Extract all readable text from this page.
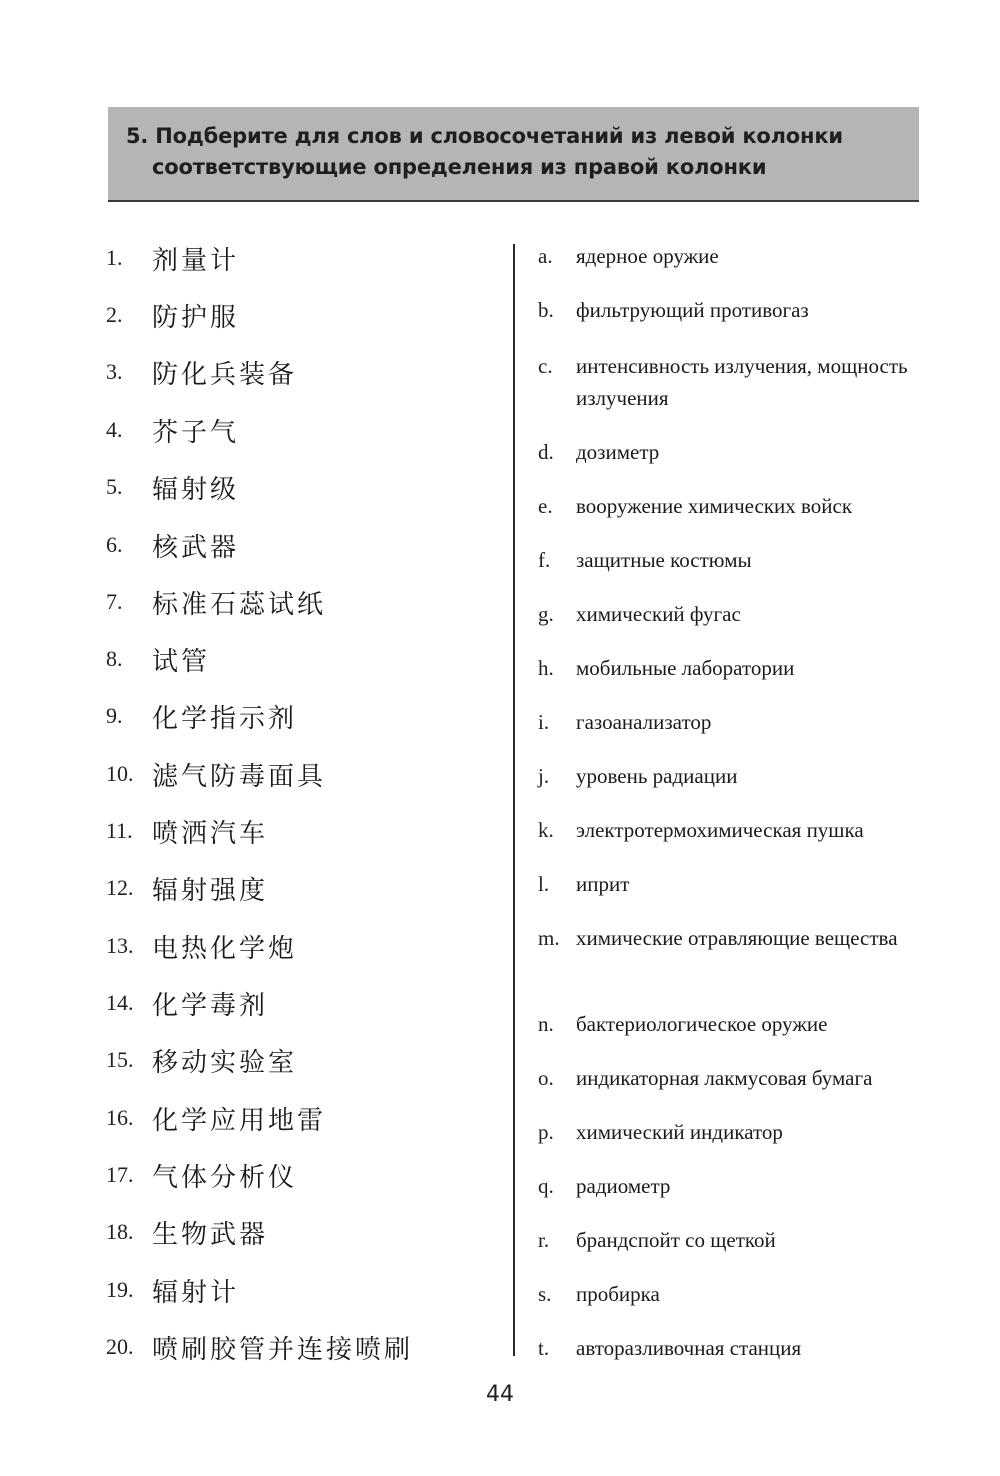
5. Подберите для слов и словосочетаний из левой колонки
соответствующие определения из правой колонки
1.	剂量计
2.	防护服
3.	防化兵装备
4.	芥子气
5.	辐射级
6.	核武器
7.	标准石蕊试纸
8.	试管
9.	化学指示剂
10. 滤气防毒面具
11. 喷洒汽车
12. 辐射强度
13. 电热化学炮
14. 化学毒剂
15. 移动实验室
16. 化学应用地雷
17. 气体分析仪
18. 生物武器
19. 辐射计
20. 喷刷胶管并连接喷刷
a.	ядерное оружие
b.	фильтрующий противогаз
c.	интенсивность излучения, мощность излучения
d.	дозиметр
e.	вооружение химических войск
f.	защитные костюмы
g.	химический фугас
h.	мобильные лаборатории
i.	газоанализатор
j.	уровень радиации
k.	электротермохимическая пушка
l.	иприт
m. химические отравляющие вещества
n.	бактериологическое оружие
o.	индикаторная лакмусовая бумага
p.	химический индикатор
q.	радиометр
r.	брандспойт со щеткой
s.	пробирка
t.	авторазливочная станция
44
